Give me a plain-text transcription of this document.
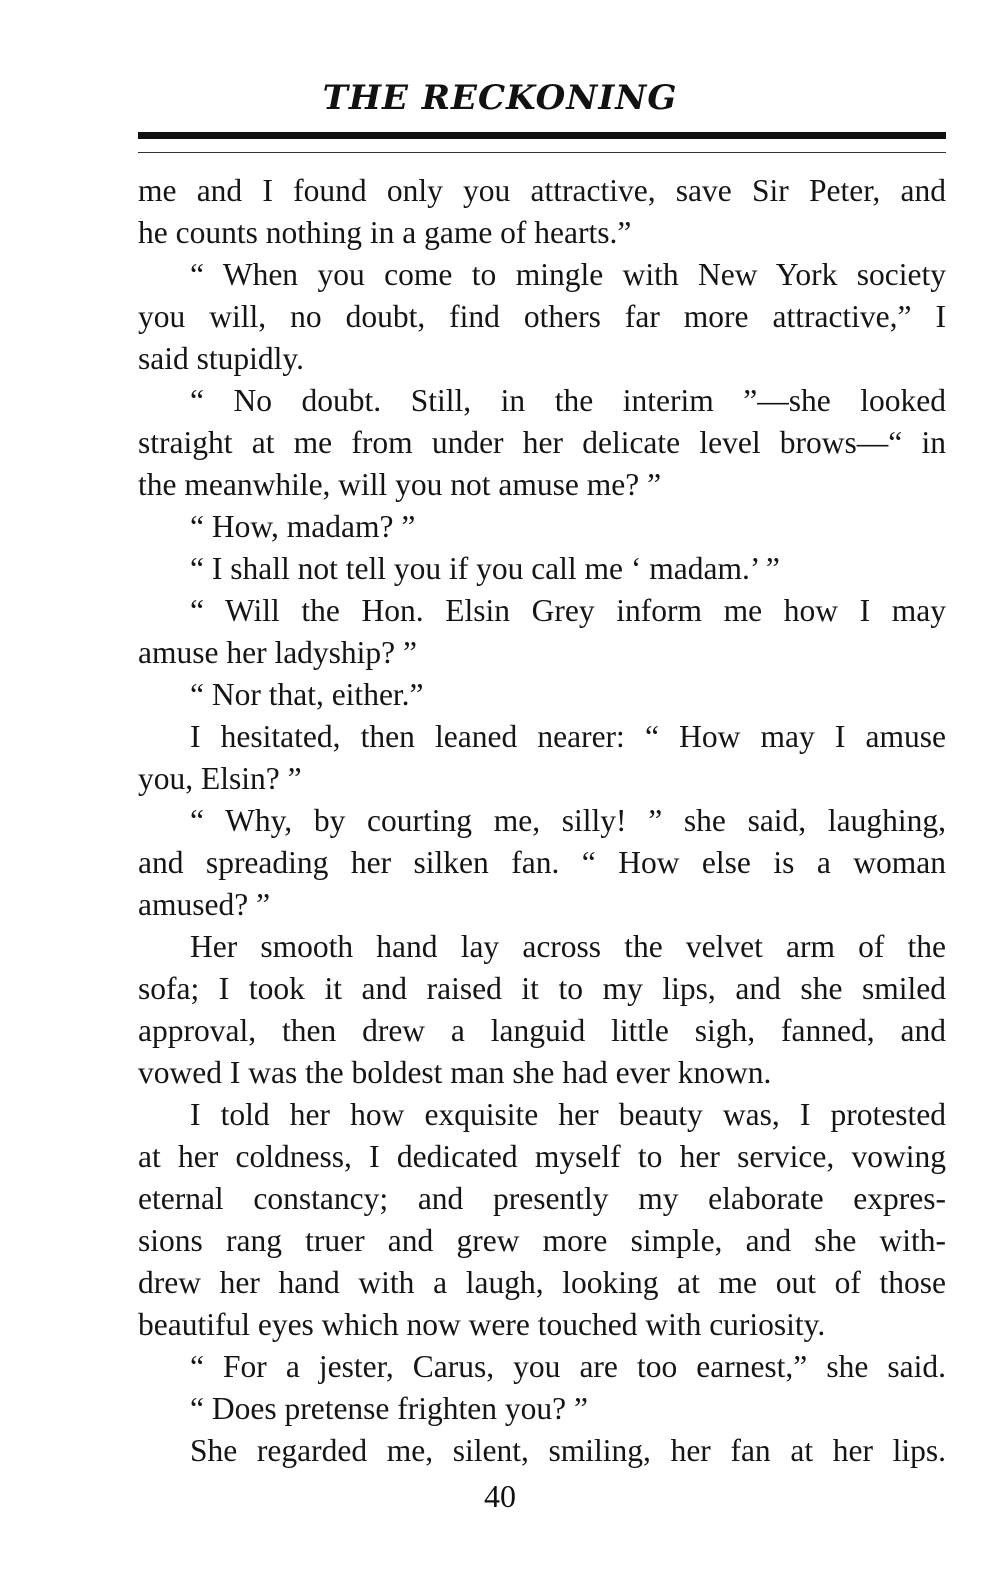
THE RECKONING
me and I found only you attractive, save Sir Peter, and
he counts nothing in a game of hearts.”
“ When you come to mingle with New York society
you will, no doubt, find others far more attractive,” I
said stupidly.
“ No doubt. Still, in the interim ”—she looked
straight at me from under her delicate level brows—“ in
the meanwhile, will you not amuse me? ”
“ How, madam? ”
“ I shall not tell you if you call me ‘ madam.’ ”
“ Will the Hon. Elsin Grey inform me how I may
amuse her ladyship? ”
“ Nor that, either.”
I hesitated, then leaned nearer: “ How may I amuse
you, Elsin? ”
“ Why, by courting me, silly! ” she said, laughing,
and spreading her silken fan. “ How else is a woman
amused? ”
Her smooth hand lay across the velvet arm of the
sofa; I took it and raised it to my lips, and she smiled
approval, then drew a languid little sigh, fanned, and
vowed I was the boldest man she had ever known.
I told her how exquisite her beauty was, I protested
at her coldness, I dedicated myself to her service, vowing
eternal constancy; and presently my elaborate expres-
sions rang truer and grew more simple, and she with-
drew her hand with a laugh, looking at me out of those
beautiful eyes which now were touched with curiosity.
“ For a jester, Carus, you are too earnest,” she said.
“ Does pretense frighten you? ”
She regarded me, silent, smiling, her fan at her lips.
40
